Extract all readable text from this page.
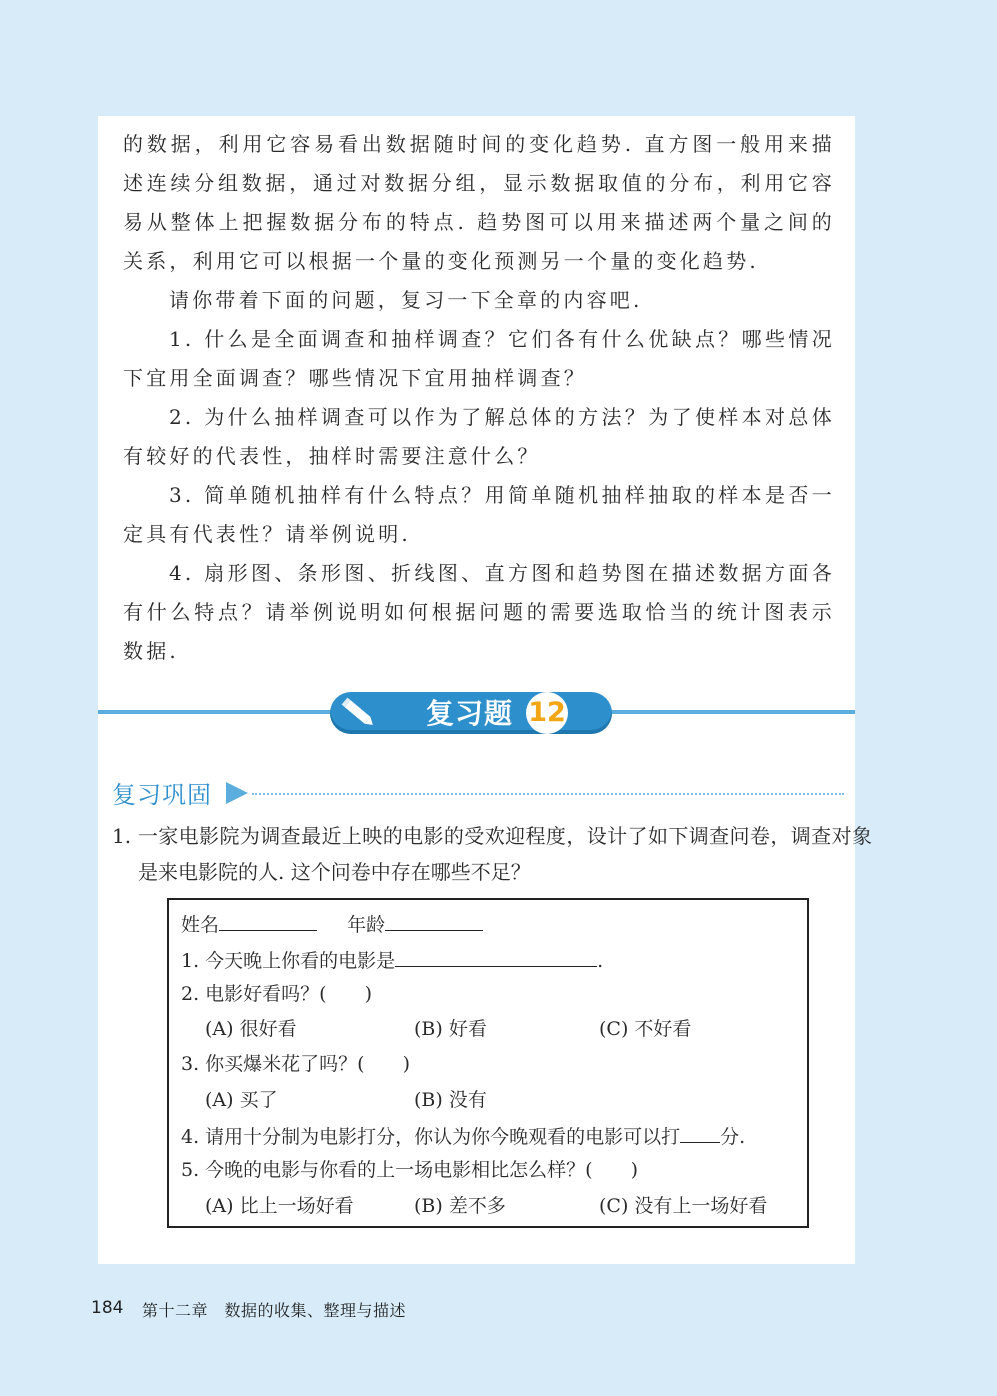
的数据，利用它容易看出数据随时间的变化趋势. 直方图一般用来描述连续分组数据，通过对数据分组，显示数据取值的分布，利用它容易从整体上把握数据分布的特点. 趋势图可以用来描述两个量之间的关系，利用它可以根据一个量的变化预测另一个量的变化趋势.

请你带着下面的问题，复习一下全章的内容吧.

1. 什么是全面调查和抽样调查？它们各有什么优缺点？哪些情况下宜用全面调查？哪些情况下宜用抽样调查？

2. 为什么抽样调查可以作为了解总体的方法？为了使样本对总体有较好的代表性，抽样时需要注意什么？

3. 简单随机抽样有什么特点？用简单随机抽样抽取的样本是否一定具有代表性？请举例说明.

4. 扇形图、条形图、折线图、直方图和趋势图在描述数据方面各有什么特点？请举例说明如何根据问题的需要选取恰当的统计图表示数据.

复习题 12
复习巩固

1. 一家电影院为调查最近上映的电影的受欢迎程度，设计了如下调查问卷，调查对象是来电影院的人. 这个问卷中存在哪些不足？

姓名	年龄
1. 今天晚上你看的电影是	.
2. 电影好看吗？(　　)
(A) 很好看	(B) 好看	(C) 不好看
3. 你买爆米花了吗？(　　)
(A) 买了	(B) 没有
4. 请用十分制为电影打分，你认为你今晚观看的电影可以打 分.
5. 今晚的电影与你看的上一场电影相比怎么样？(　　)
(A) 比上一场好看	(B) 差不多	(C) 没有上一场好看
184 第十二章　数据的收集、整理与描述
